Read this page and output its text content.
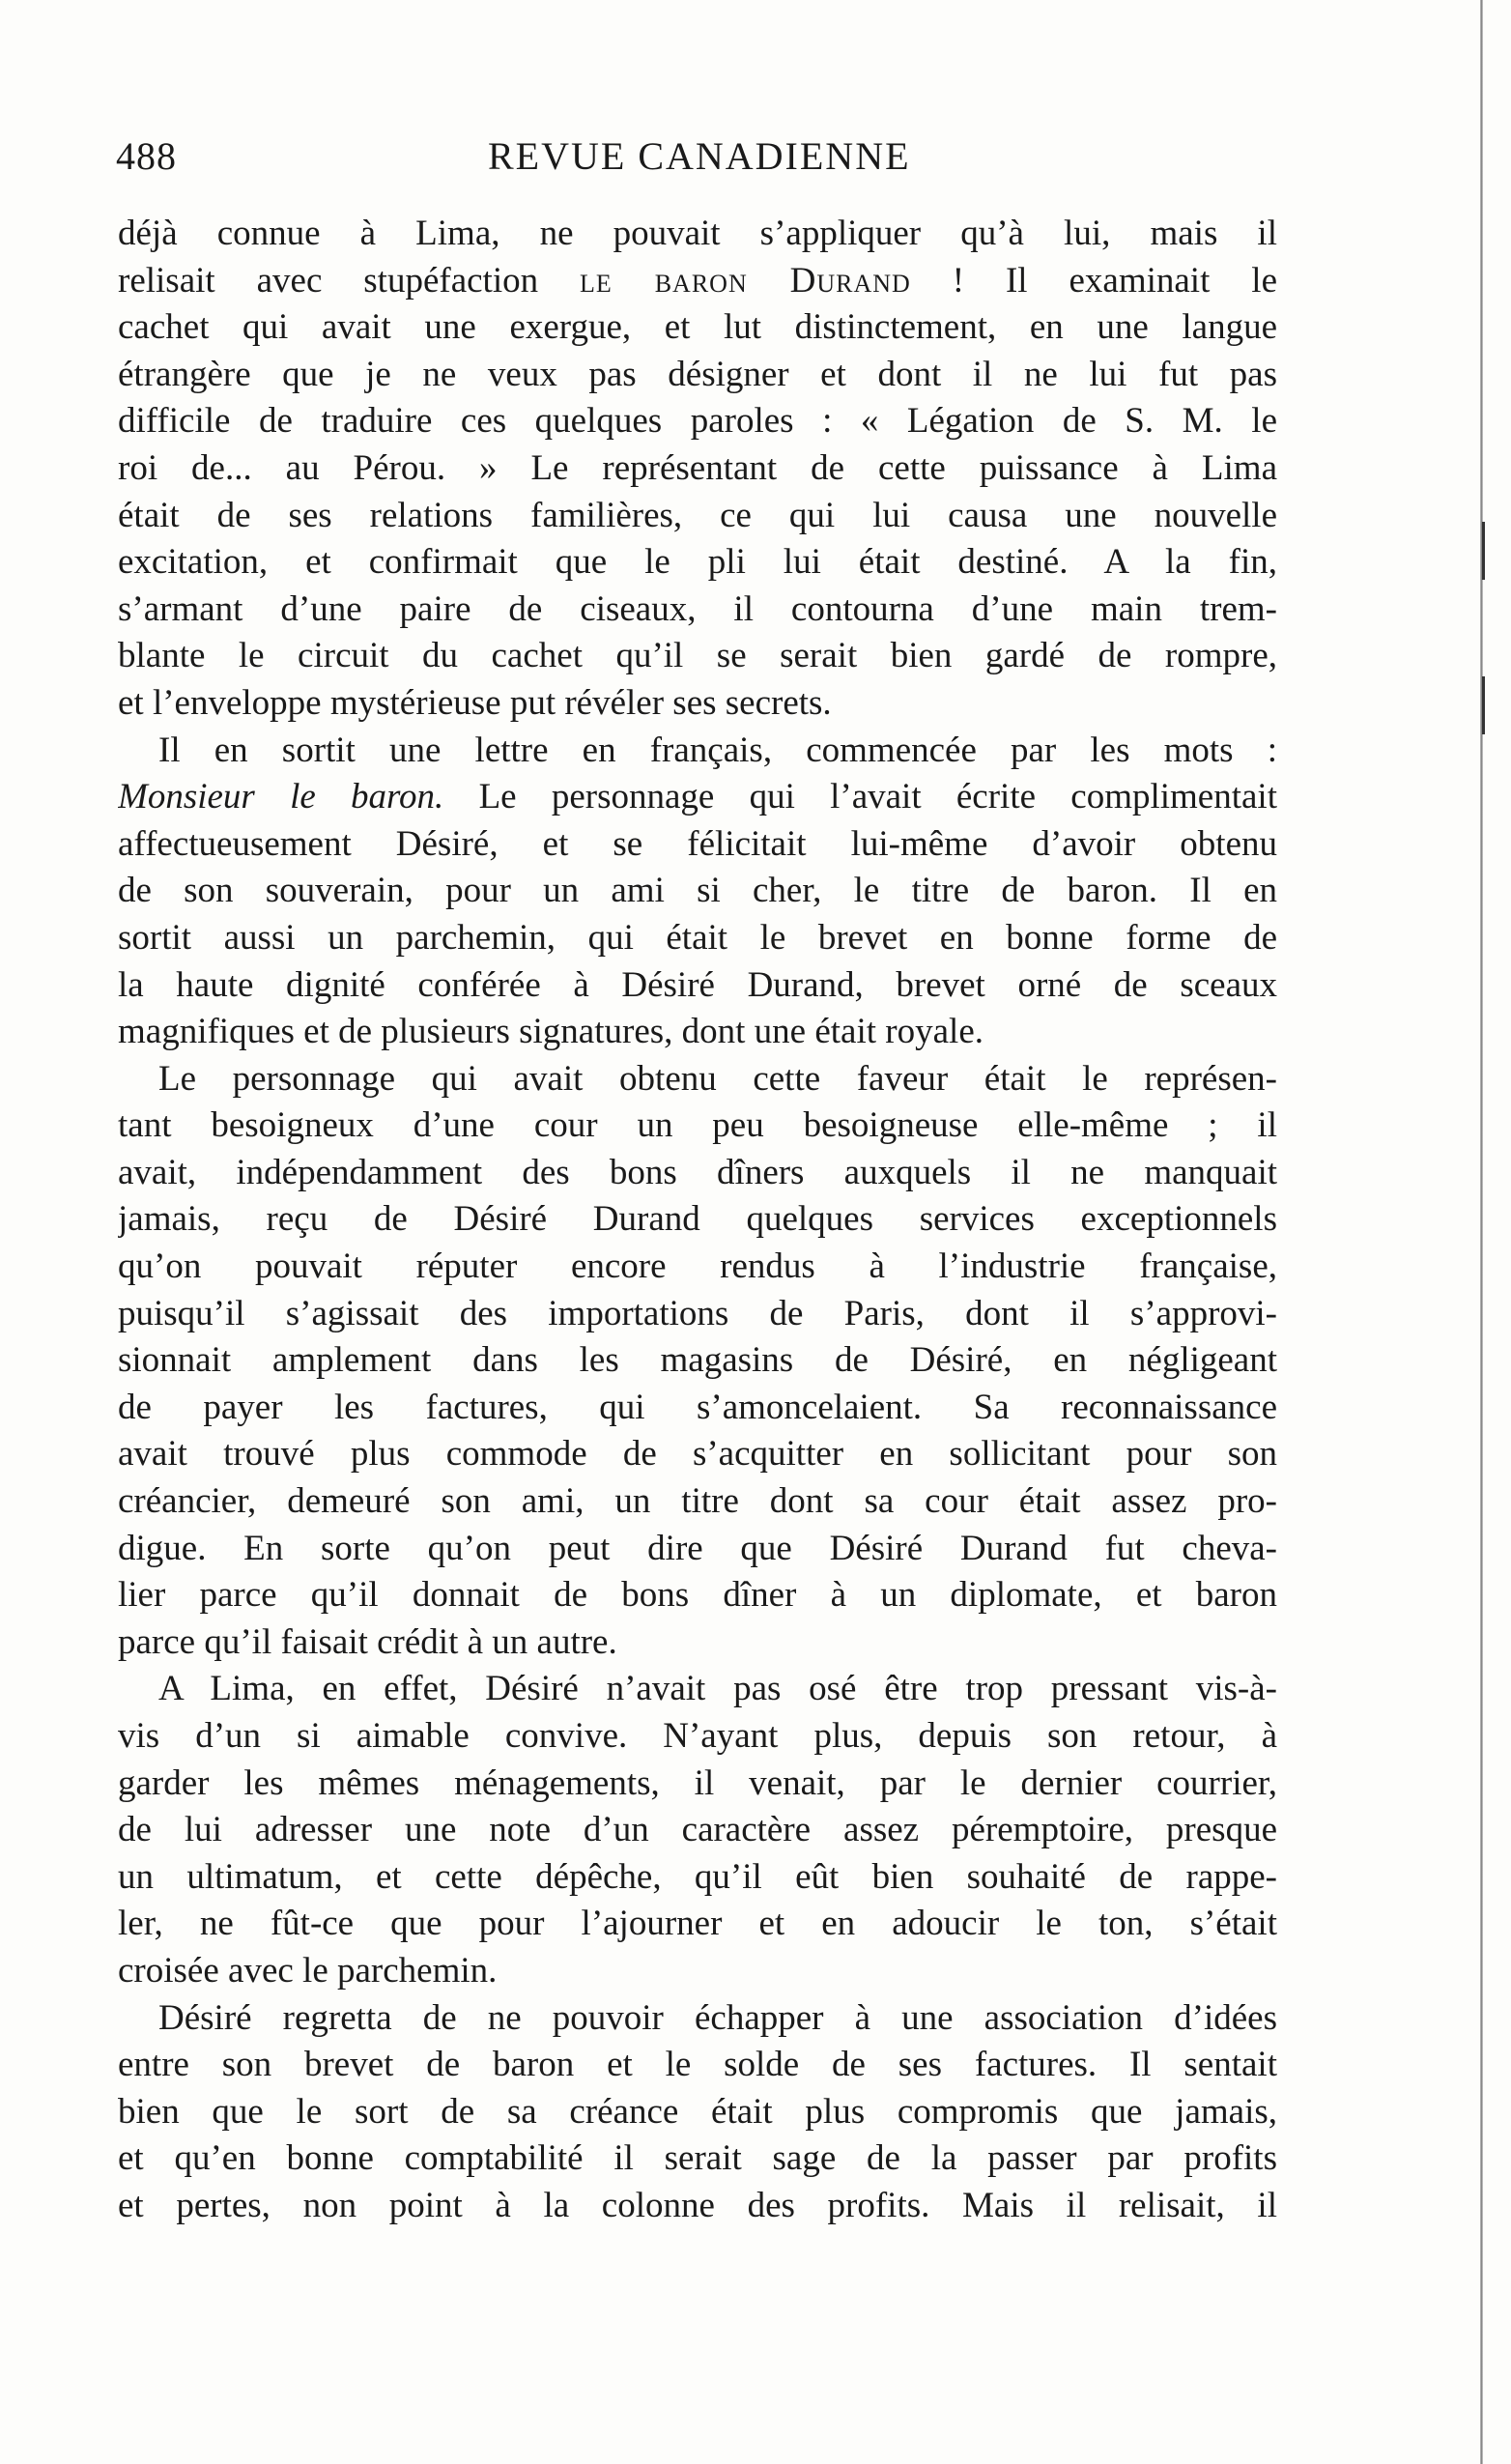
488	REVUE CANADIENNE
déjà connue à Lima, ne pouvait s’appliquer qu’à lui, mais il
relisait avec stupéfaction le baron Durand ! Il examinait le
cachet qui avait une exergue, et lut distinctement, en une langue
étrangère que je ne veux pas désigner et dont il ne lui fut pas
difficile de traduire ces quelques paroles : « Légation de S. M. le
roi de... au Pérou. » Le représentant de cette puissance à Lima
était de ses relations familières, ce qui lui causa une nouvelle
excitation, et confirmait que le pli lui était destiné. A la fin,
s’armant d’une paire de ciseaux, il contourna d’une main trem-
blante le circuit du cachet qu’il se serait bien gardé de rompre,
et l’enveloppe mystérieuse put révéler ses secrets.
Il en sortit une lettre en français, commencée par les mots :
Monsieur le baron. Le personnage qui l’avait écrite complimentait
affectueusement Désiré, et se félicitait lui-même d’avoir obtenu
de son souverain, pour un ami si cher, le titre de baron. Il en
sortit aussi un parchemin, qui était le brevet en bonne forme de
la haute dignité conférée à Désiré Durand, brevet orné de sceaux
magnifiques et de plusieurs signatures, dont une était royale.
Le personnage qui avait obtenu cette faveur était le représen-
tant besoigneux d’une cour un peu besoigneuse elle-même ; il
avait, indépendamment des bons dîners auxquels il ne manquait
jamais, reçu de Désiré Durand quelques services exceptionnels
qu’on pouvait réputer encore rendus à l’industrie française,
puisqu’il s’agissait des importations de Paris, dont il s’approvi-
sionnait amplement dans les magasins de Désiré, en négligeant
de payer les factures, qui s’amoncelaient. Sa reconnaissance
avait trouvé plus commode de s’acquitter en sollicitant pour son
créancier, demeuré son ami, un titre dont sa cour était assez pro-
digue. En sorte qu’on peut dire que Désiré Durand fut cheva-
lier parce qu’il donnait de bons dîner à un diplomate, et baron
parce qu’il faisait crédit à un autre.
A Lima, en effet, Désiré n’avait pas osé être trop pressant vis-à-
vis d’un si aimable convive. N’ayant plus, depuis son retour, à
garder les mêmes ménagements, il venait, par le dernier courrier,
de lui adresser une note d’un caractère assez péremptoire, presque
un ultimatum, et cette dépêche, qu’il eût bien souhaité de rappe-
ler, ne fût-ce que pour l’ajourner et en adoucir le ton, s’était
croisée avec le parchemin.
Désiré regretta de ne pouvoir échapper à une association d’idées
entre son brevet de baron et le solde de ses factures. Il sentait
bien que le sort de sa créance était plus compromis que jamais,
et qu’en bonne comptabilité il serait sage de la passer par profits
et pertes, non point à la colonne des profits. Mais il relisait, il
